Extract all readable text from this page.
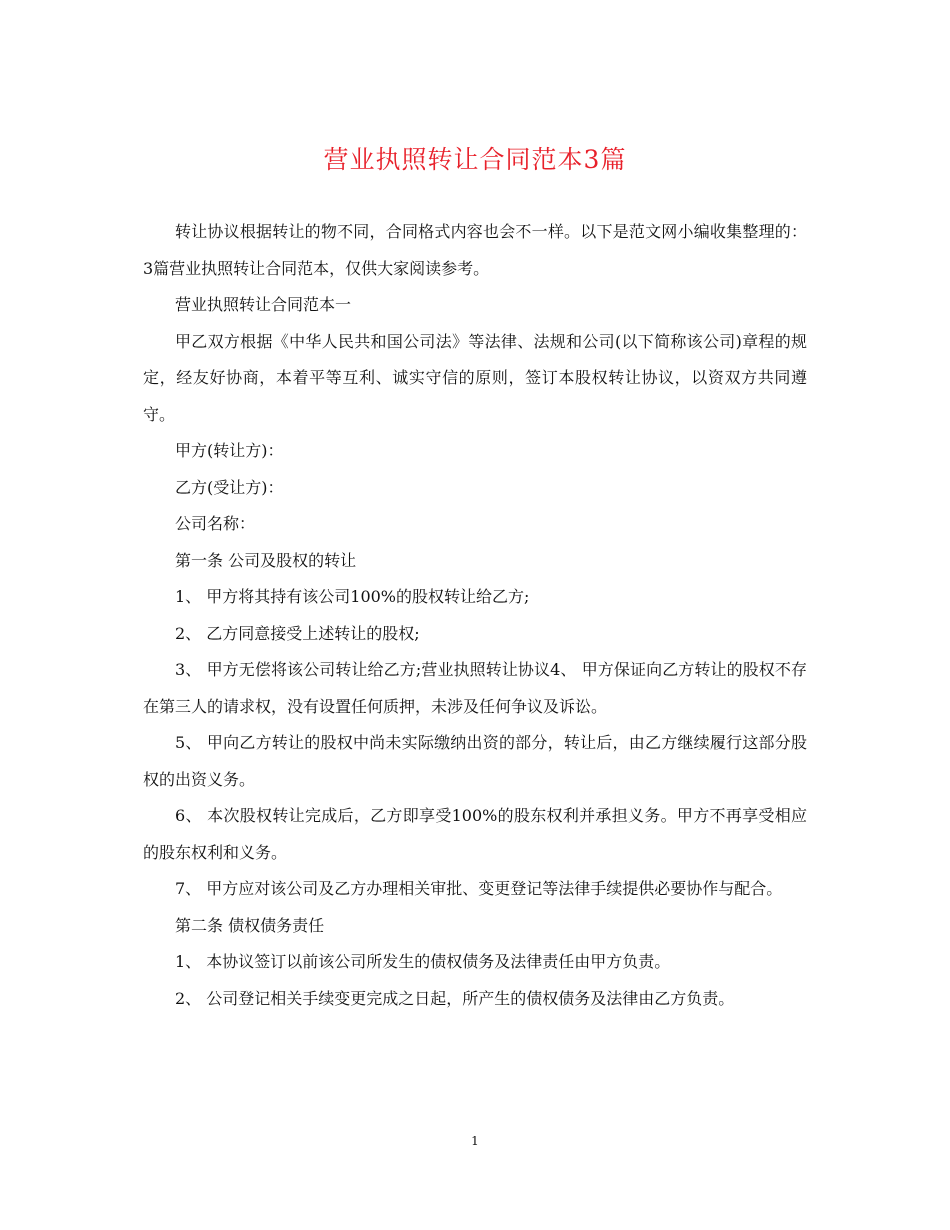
营业执照转让合同范本3篇

转让协议根据转让的物不同，合同格式内容也会不一样。以下是范文网小编收集整理的：3篇营业执照转让合同范本，仅供大家阅读参考。

营业执照转让合同范本一

甲乙双方根据《中华人民共和国公司法》等法律、法规和公司(以下简称该公司)章程的规定，经友好协商，本着平等互利、诚实守信的原则，签订本股权转让协议，以资双方共同遵守。

甲方(转让方)：

乙方(受让方)：

公司名称：

第一条 公司及股权的转让

1、 甲方将其持有该公司100%的股权转让给乙方;

2、 乙方同意接受上述转让的股权;

3、 甲方无偿将该公司转让给乙方;营业执照转让协议4、 甲方保证向乙方转让的股权不存在第三人的请求权，没有设置任何质押，未涉及任何争议及诉讼。

5、 甲向乙方转让的股权中尚未实际缴纳出资的部分，转让后，由乙方继续履行这部分股权的出资义务。

6、 本次股权转让完成后，乙方即享受100%的股东权利并承担义务。甲方不再享受相应的股东权利和义务。

7、 甲方应对该公司及乙方办理相关审批、变更登记等法律手续提供必要协作与配合。

第二条 债权债务责任

1、 本协议签订以前该公司所发生的债权债务及法律责任由甲方负责。

2、 公司登记相关手续变更完成之日起，所产生的债权债务及法律由乙方负责。

1
